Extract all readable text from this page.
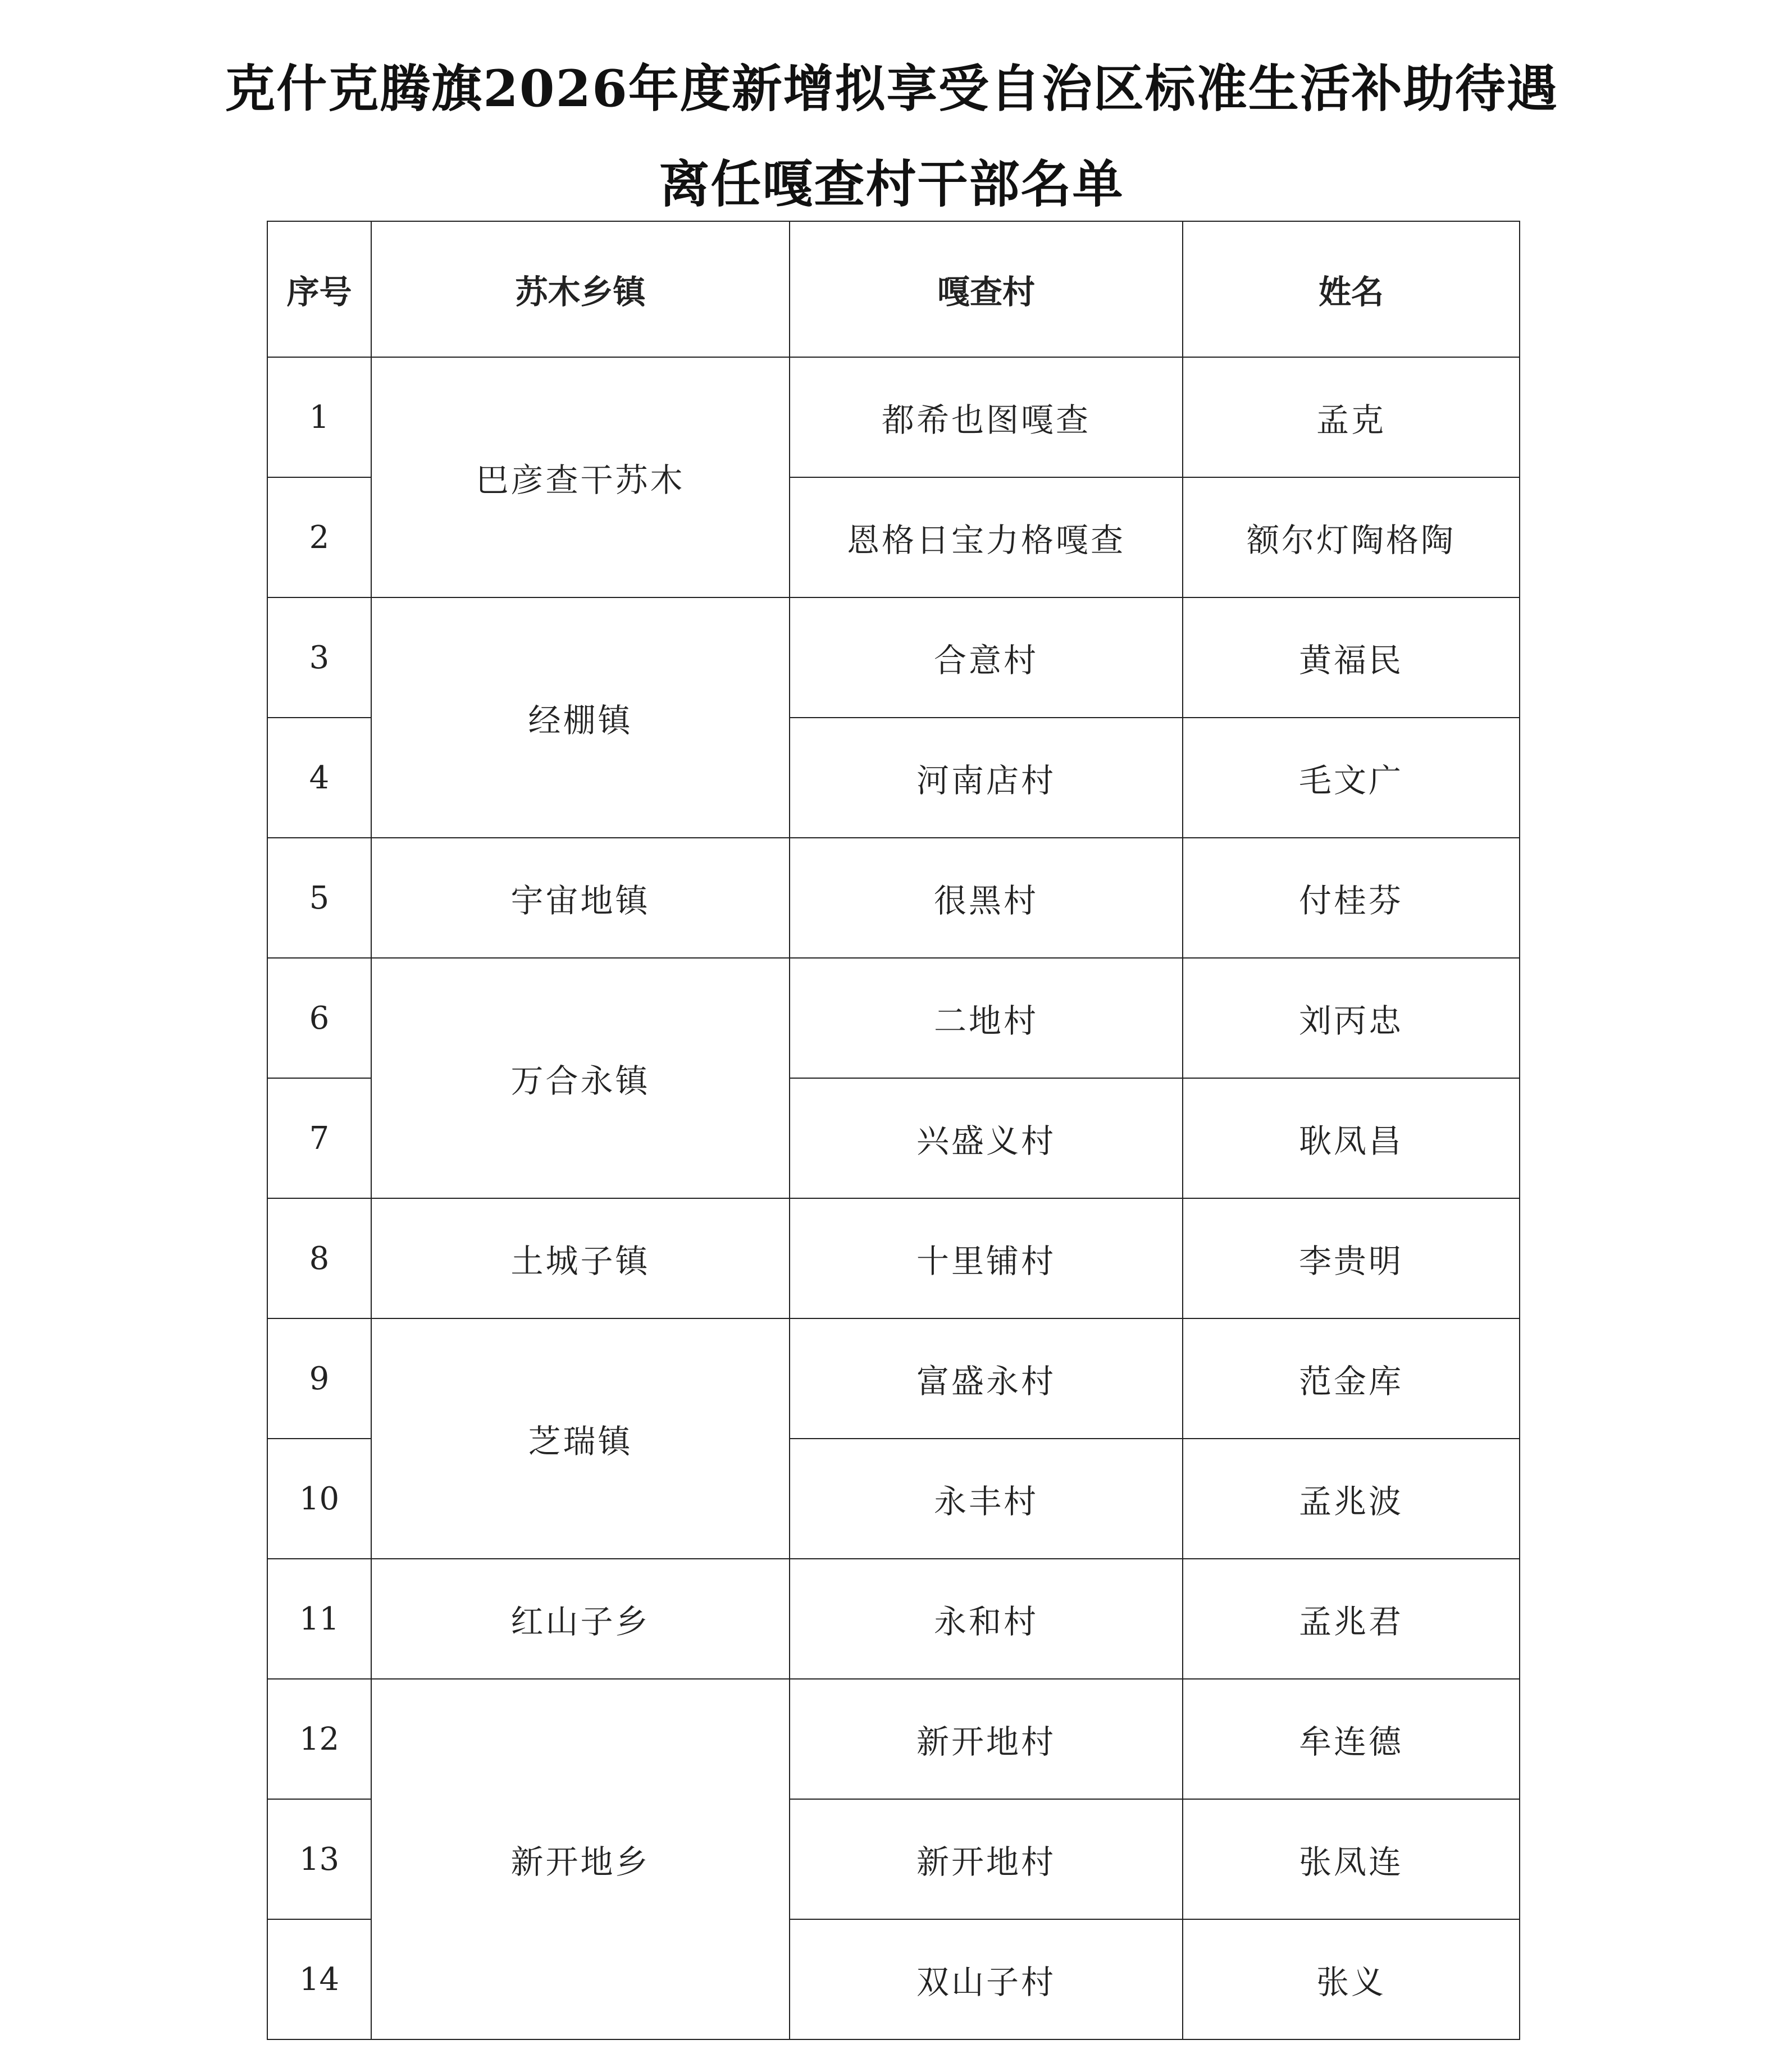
克什克腾旗2026年度新增拟享受自治区标准生活补助待遇
离任嘎查村干部名单
序号	苏木乡镇	嘎查村	姓名
1	巴彦查干苏木	都希也图嘎查	孟克
2		恩格日宝力格嘎查	额尔灯陶格陶
3	经棚镇	合意村	黄福民
4		河南店村	毛文广
5	宇宙地镇	很黑村	付桂芬
6	万合永镇	二地村	刘丙忠
7		兴盛义村	耿凤昌
8	土城子镇	十里铺村	李贵明
9	芝瑞镇	富盛永村	范金库
10		永丰村	孟兆波
11	红山子乡	永和村	孟兆君
12	新开地乡	新开地村	牟连德
13		新开地村	张凤连
14		双山子村	张义
